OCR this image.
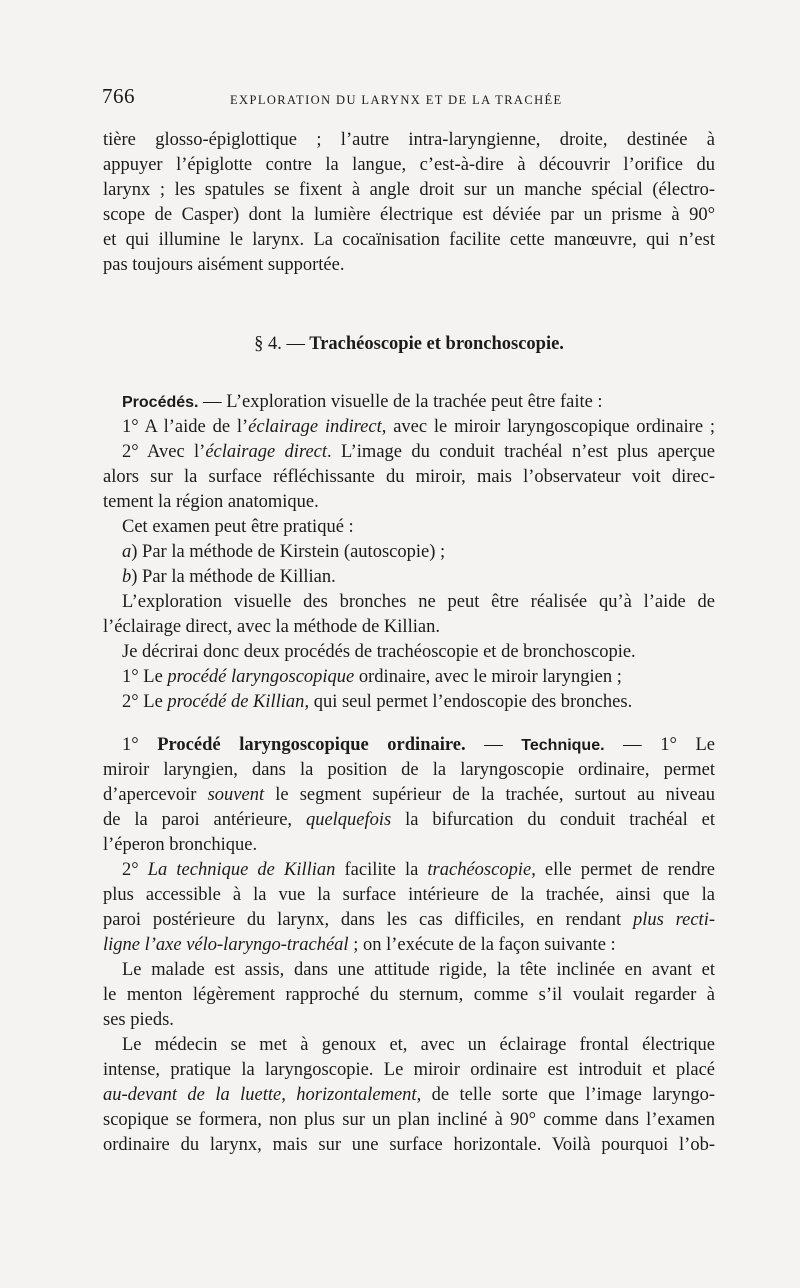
766	EXPLORATION DU LARYNX ET DE LA TRACHÉE
tière glosso-épiglottique ; l’autre intra-laryngienne, droite, destinée à
appuyer l’épiglotte contre la langue, c’est-à-dire à découvrir l’orifice du
larynx ; les spatules se fixent à angle droit sur un manche spécial (électro-
scope de Casper) dont la lumière électrique est déviée par un prisme à 90°
et qui illumine le larynx. La cocaïnisation facilite cette manœuvre, qui n’est
pas toujours aisément supportée.
§ 4. — Trachéoscopie et bronchoscopie.
Procédés. — L’exploration visuelle de la trachée peut être faite :
1° A l’aide de l’éclairage indirect, avec le miroir laryngoscopique ordinaire ;
2° Avec l’éclairage direct. L’image du conduit trachéal n’est plus aperçue
alors sur la surface réfléchissante du miroir, mais l’observateur voit direc-
tement la région anatomique.
Cet examen peut être pratiqué :
a) Par la méthode de Kirstein (autoscopie) ;
b) Par la méthode de Killian.
L’exploration visuelle des bronches ne peut être réalisée qu’à l’aide de
l’éclairage direct, avec la méthode de Killian.
Je décrirai donc deux procédés de trachéoscopie et de bronchoscopie.
1° Le procédé laryngoscopique ordinaire, avec le miroir laryngien ;
2° Le procédé de Killian, qui seul permet l’endoscopie des bronches.
1° Procédé laryngoscopique ordinaire. — Technique. — 1° Le
miroir laryngien, dans la position de la laryngoscopie ordinaire, permet
d’apercevoir souvent le segment supérieur de la trachée, surtout au niveau
de la paroi antérieure, quelquefois la bifurcation du conduit trachéal et
l’éperon bronchique.
2° La technique de Killian facilite la trachéoscopie, elle permet de rendre
plus accessible à la vue la surface intérieure de la trachée, ainsi que la
paroi postérieure du larynx, dans les cas difficiles, en rendant plus recti-
ligne l’axe vélo-laryngo-trachéal ; on l’exécute de la façon suivante :
Le malade est assis, dans une attitude rigide, la tête inclinée en avant et
le menton légèrement rapproché du sternum, comme s’il voulait regarder à
ses pieds.
Le médecin se met à genoux et, avec un éclairage frontal électrique
intense, pratique la laryngoscopie. Le miroir ordinaire est introduit et placé
au-devant de la luette, horizontalement, de telle sorte que l’image laryngo-
scopique se formera, non plus sur un plan incliné à 90° comme dans l’examen
ordinaire du larynx, mais sur une surface horizontale. Voilà pourquoi l’ob-
